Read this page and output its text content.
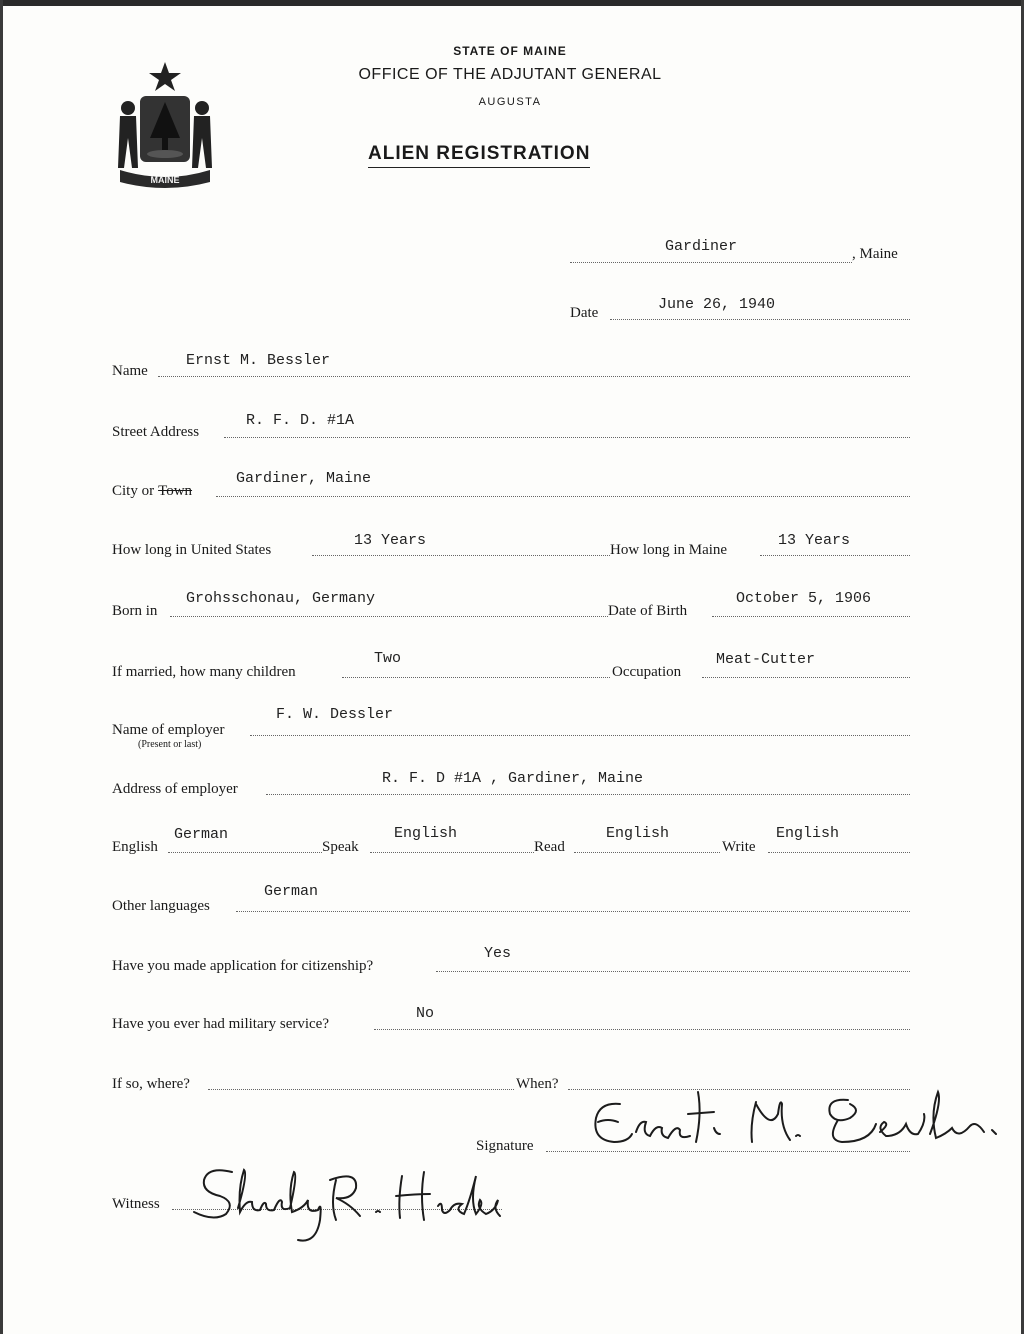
MAINE
STATE OF MAINE
OFFICE OF THE ADJUTANT GENERAL
AUGUSTA
ALIEN REGISTRATION
Gardiner	, Maine
Date	June 26, 1940
Name
Ernst M. Bessler
Street Address
R. F. D. #1A
City or Town
Gardiner, Maine
How long in United States
13 Years
How long in Maine
13 Years
Born in
Grohsschonau, Germany
Date of Birth
October 5, 1906
If married, how many children
Two
Occupation
Meat-Cutter
Name of employer
(Present or last)
F. W. Dessler
Address of employer
R. F. D #1A , Gardiner, Maine
English
German
Speak
English
Read
English
Write
English
Other languages
German
Have you made application for citizenship?
Yes
Have you ever had military service?
No
If so, where?	When?
Signature
Witness
